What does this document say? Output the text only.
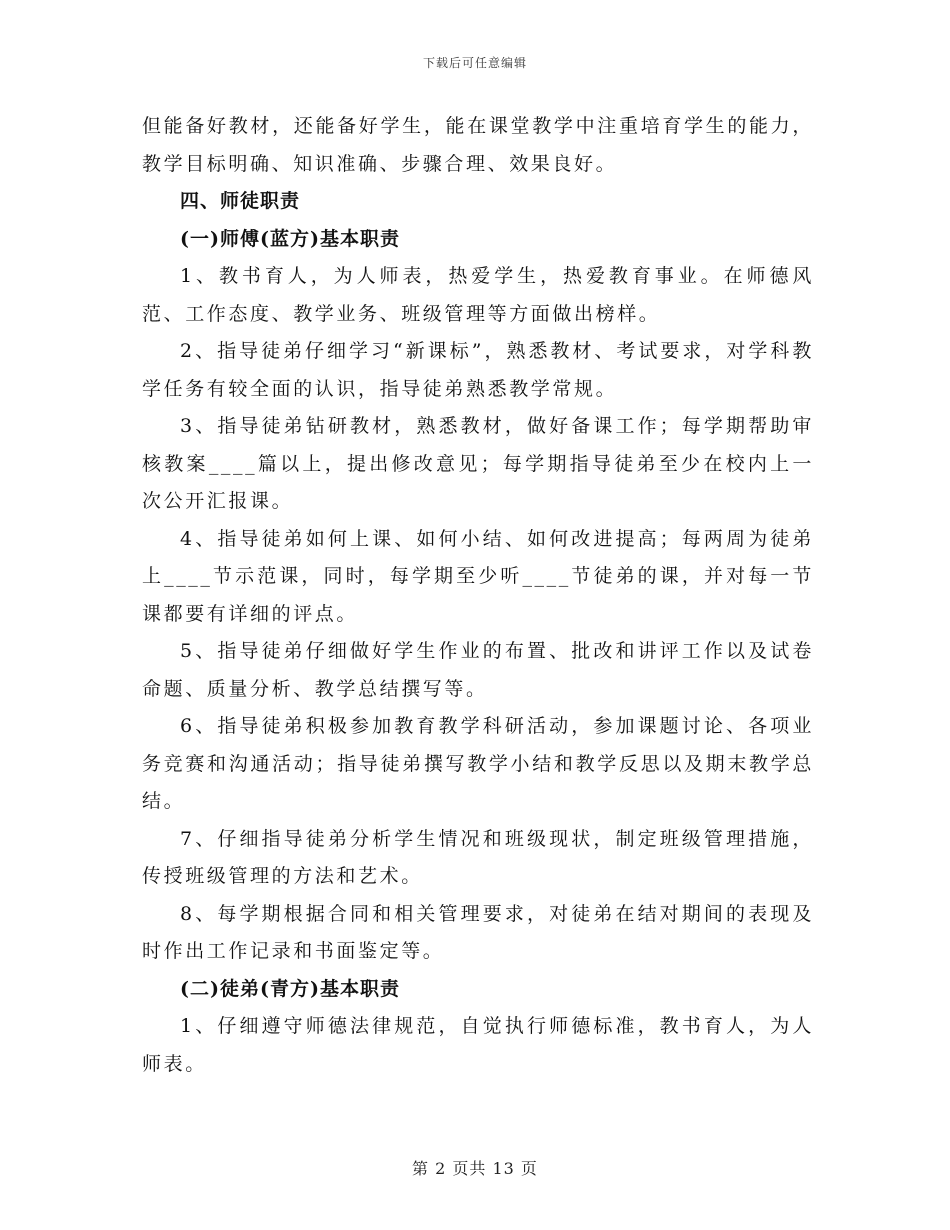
下载后可任意编辑

但能备好教材，还能备好学生，能在课堂教学中注重培育学生的能力，教学目标明确、知识准确、步骤合理、效果良好。

四、师徒职责

(一)师傅(蓝方)基本职责

1、教书育人，为人师表，热爱学生，热爱教育事业。在师德风范、工作态度、教学业务、班级管理等方面做出榜样。

2、指导徒弟仔细学习“新课标”，熟悉教材、考试要求，对学科教学任务有较全面的认识，指导徒弟熟悉教学常规。

3、指导徒弟钻研教材，熟悉教材，做好备课工作；每学期帮助审核教案____篇以上，提出修改意见；每学期指导徒弟至少在校内上一次公开汇报课。

4、指导徒弟如何上课、如何小结、如何改进提高；每两周为徒弟上____节示范课，同时，每学期至少听____节徒弟的课，并对每一节课都要有详细的评点。

5、指导徒弟仔细做好学生作业的布置、批改和讲评工作以及试卷命题、质量分析、教学总结撰写等。

6、指导徒弟积极参加教育教学科研活动，参加课题讨论、各项业务竞赛和沟通活动；指导徒弟撰写教学小结和教学反思以及期末教学总结。

7、仔细指导徒弟分析学生情况和班级现状，制定班级管理措施，传授班级管理的方法和艺术。

8、每学期根据合同和相关管理要求，对徒弟在结对期间的表现及时作出工作记录和书面鉴定等。

(二)徒弟(青方)基本职责

1、仔细遵守师德法律规范，自觉执行师德标准，教书育人，为人师表。

第 2 页共 13 页
